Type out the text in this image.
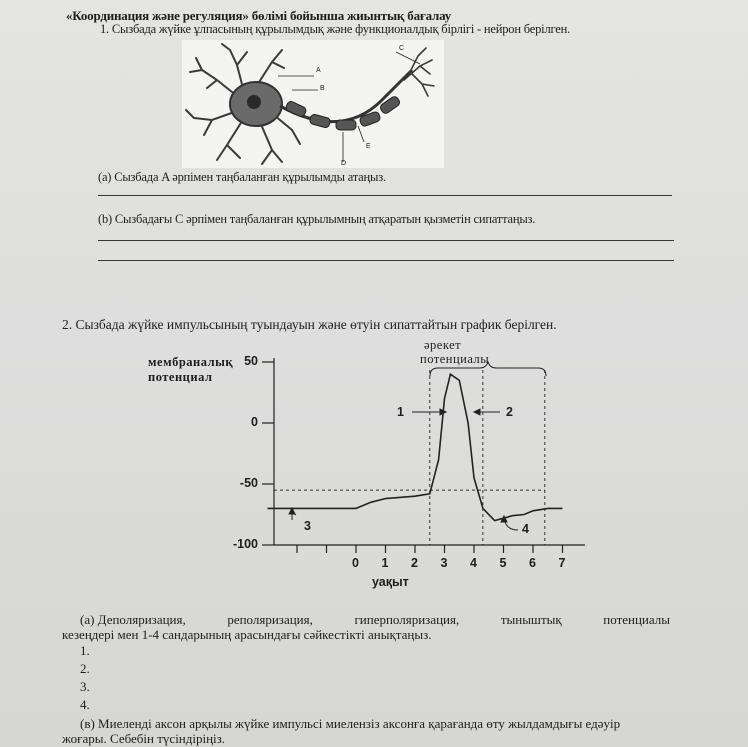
«Координация және регуляция» бөлімі бойынша жиынтық бағалау
1. Сызбада жүйке ұлпасының құрылымдық және функционалдық бірлігі - нейрон берілген.
A
B
C
D
E
(a) Сызбада A әрпімен таңбаланған құрылымды атаңыз.
(b) Сызбадағы С әрпімен таңбаланған құрылымның атқаратын қызметін сипаттаңыз.
2. Сызбада жүйке импульсының туындауын және өтуін сипаттайтын график берілген.
мембраналық
потенциал
әрекет
потенциалы
50
0
-50
-100
0 1 2 3 4 5 6 7
1	2
3	4
уақыт
(a) Деполяризация,	реполяризация,	гиперполяризация,	тыныштық	потенциалы
кезеңдері мен 1-4 сандарының арасындағы сәйкестікті анықтаңыз.
1.
2.
3.
4.
(в) Миеленді аксон арқылы жүйке импульсі миелензіз аксонға қарағанда өту жылдамдығы едәуір
жоғары. Себебін түсіндіріңіз.
